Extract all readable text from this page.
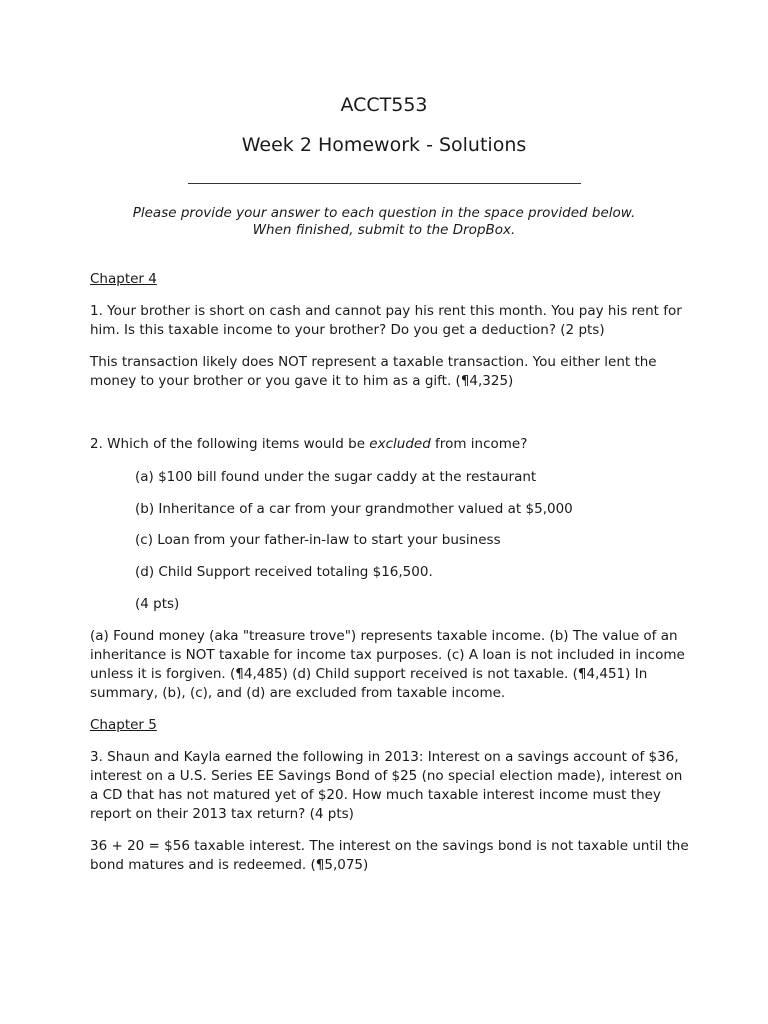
ACCT553
Week 2 Homework - Solutions
Please provide your answer to each question in the space provided below.
When finished, submit to the DropBox.

Chapter 4

1. Your brother is short on cash and cannot pay his rent this month. You pay his rent for him. Is this taxable income to your brother? Do you get a deduction? (2 pts)

This transaction likely does NOT represent a taxable transaction. You either lent the money to your brother or you gave it to him as a gift. (¶4,325)

2. Which of the following items would be excluded from income?

(a) $100 bill found under the sugar caddy at the restaurant

(b) Inheritance of a car from your grandmother valued at $5,000

(c) Loan from your father-in-law to start your business

(d) Child Support received totaling $16,500.

(4 pts)

(a) Found money (aka "treasure trove") represents taxable income. (b) The value of an inheritance is NOT taxable for income tax purposes. (c) A loan is not included in income unless it is forgiven. (¶4,485) (d) Child support received is not taxable. (¶4,451) In summary, (b), (c), and (d) are excluded from taxable income.

Chapter 5

3. Shaun and Kayla earned the following in 2013: Interest on a savings account of $36, interest on a U.S. Series EE Savings Bond of $25 (no special election made), interest on a CD that has not matured yet of $20. How much taxable interest income must they report on their 2013 tax return? (4 pts)

36 + 20 = $56 taxable interest. The interest on the savings bond is not taxable until the bond matures and is redeemed. (¶5,075)
